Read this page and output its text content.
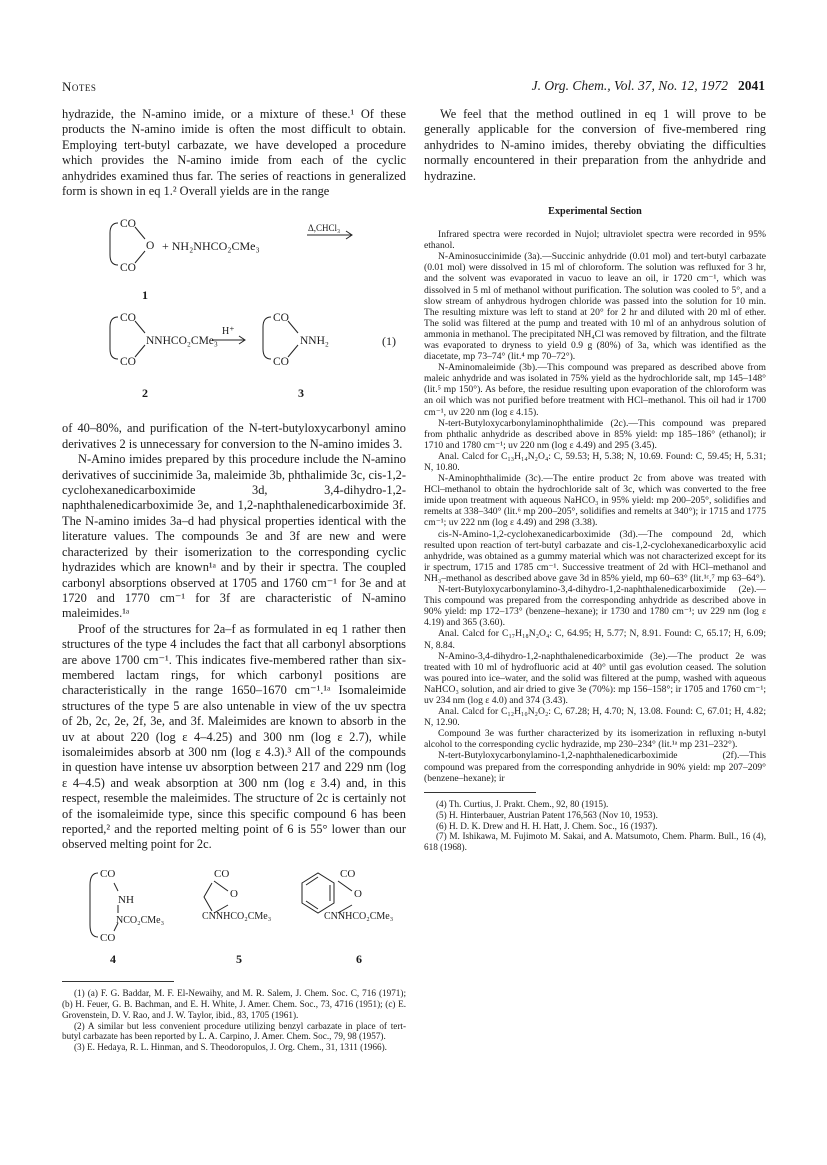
Notes	J. Org. Chem., Vol. 37, No. 12, 1972 2041

hydrazide, the N-amino imide, or a mixture of these.¹ Of these products the N-amino imide is often the most difficult to obtain. Employing tert-butyl carbazate, we have developed a procedure which provides the N-amino imide from each of the cyclic anhydrides examined thus far. The series of reactions in generalized form is shown in eq 1.² Overall yields are in the range

CO
O
CO
+ NH₂NHCO₂CMe₃
Δ,CHCl₃
1
(1)
CO
NNHCO₂CMe₃
CO
H⁺
CO
NNH₂
CO
2	3

of 40–80%, and purification of the N-tert-butyloxycarbonyl amino derivatives 2 is unnecessary for conversion to the N-amino imides 3.

N-Amino imides prepared by this procedure include the N-amino derivatives of succinimide 3a, maleimide 3b, phthalimide 3c, cis-1,2-cyclohexanedicarboximide 3d, 3,4-dihydro-1,2-naphthalenedicarboximide 3e, and 1,2-naphthalenedicarboximide 3f. The N-amino imides 3a–d had physical properties identical with the literature values. The compounds 3e and 3f are new and were characterized by their isomerization to the corresponding cyclic hydrazides which are known¹ᵃ and by their ir spectra. The coupled carbonyl absorptions observed at 1705 and 1760 cm⁻¹ for 3e and at 1720 and 1770 cm⁻¹ for 3f are characteristic of N-amino maleimides.¹ᵃ

Proof of the structures for 2a–f as formulated in eq 1 rather then structures of the type 4 includes the fact that all carbonyl absorptions are above 1700 cm⁻¹. This indicates five-membered rather than six-membered lactam rings, for which carbonyl positions are characteristically in the range 1650–1670 cm⁻¹.¹ᵃ Isomaleimide structures of the type 5 are also untenable in view of the uv spectra of 2b, 2c, 2e, 2f, 3e, and 3f. Maleimides are known to absorb in the uv at about 220 (log ε 4–4.25) and 300 nm (log ε 2.7), while isomaleimides absorb at 300 nm (log ε 4.3).³ All of the compounds in question have intense uv absorption between 217 and 229 nm (log ε 4–4.5) and weak absorption at 300 nm (log ε 3.4) and, in this respect, resemble the maleimides. The structure of 2c is certainly not of the isomaleimide type, since this specific compound 6 has been reported,² and the reported melting point of 6 is 55° lower than our observed melting point for 2c.

CO
NH
NCO₂CMe₃
CO
CO
O
CNNHCO₂CMe₃
CO
O
CNNHCO₂CMe₃
4	5	6

(1) (a) F. G. Baddar, M. F. El-Newaihy, and M. R. Salem, J. Chem. Soc. C, 716 (1971); (b) H. Feuer, G. B. Bachman, and E. H. White, J. Amer. Chem. Soc., 73, 4716 (1951); (c) E. Grovenstein, D. V. Rao, and J. W. Taylor, ibid., 83, 1705 (1961).

(2) A similar but less convenient procedure utilizing benzyl carbazate in place of tert-butyl carbazate has been reported by L. A. Carpino, J. Amer. Chem. Soc., 79, 98 (1957).

(3) E. Hedaya, R. L. Hinman, and S. Theodoropulos, J. Org. Chem., 31, 1311 (1966).

We feel that the method outlined in eq 1 will prove to be generally applicable for the conversion of five-membered ring anhydrides to N-amino imides, thereby obviating the difficulties normally encountered in their preparation from the anhydride and hydrazine.

Experimental Section

Infrared spectra were recorded in Nujol; ultraviolet spectra were recorded in 95% ethanol.

N-Aminosuccinimide (3a).—Succinic anhydride (0.01 mol) and tert-butyl carbazate (0.01 mol) were dissolved in 15 ml of chloroform. The solution was refluxed for 3 hr, and the solvent was evaporated in vacuo to leave an oil, ir 1720 cm⁻¹, which was dissolved in 5 ml of methanol without purification. The solution was cooled to 5°, and a slow stream of anhydrous hydrogen chloride was passed into the solution for 10 min. The resulting mixture was left to stand at 20° for 2 hr and diluted with 20 ml of ether. The solid was filtered at the pump and treated with 10 ml of an anhydrous solution of ammonia in methanol. The precipitated NH₄Cl was removed by filtration, and the filtrate was evaporated to dryness to yield 0.9 g (80%) of 3a, which was identified as the diacetate, mp 73–74° (lit.⁴ mp 70–72°).

N-Aminomaleimide (3b).—This compound was prepared as described above from maleic anhydride and was isolated in 75% yield as the hydrochloride salt, mp 145–148° (lit.⁵ mp 150°). As before, the residue resulting upon evaporation of the chloroform was an oil which was not purified before treatment with HCl–methanol. This oil had ir 1700 cm⁻¹, uv 220 nm (log ε 4.15).

N-tert-Butyloxycarbonylaminophthalimide (2c).—This compound was prepared from phthalic anhydride as described above in 85% yield: mp 185–186° (ethanol); ir 1710 and 1780 cm⁻¹; uv 220 nm (log ε 4.49) and 295 (3.45).

Anal. Calcd for C₁₃H₁₄N₂O₄: C, 59.53; H, 5.38; N, 10.69. Found: C, 59.45; H, 5.31; N, 10.80.

N-Aminophthalimide (3c).—The entire product 2c from above was treated with HCl–methanol to obtain the hydrochloride salt of 3c, which was converted to the free imide upon treatment with aqueous NaHCO₃ in 95% yield: mp 200–205°, solidifies and remelts at 338–340° (lit.⁶ mp 200–205°, solidifies and remelts at 340°); ir 1715 and 1775 cm⁻¹; uv 222 nm (log ε 4.49) and 298 (3.38).

cis-N-Amino-1,2-cyclohexanedicarboximide (3d).—The compound 2d, which resulted upon reaction of tert-butyl carbazate and cis-1,2-cyclohexanedicarboxylic acid anhydride, was obtained as a gummy material which was not characterized except for its ir spectrum, 1715 and 1785 cm⁻¹. Successive treatment of 2d with HCl–methanol and NH₃–methanol as described above gave 3d in 85% yield, mp 60–63° (lit.¹ᶜ,⁷ mp 63–64°).

N-tert-Butyloxycarbonylamino-3,4-dihydro-1,2-naphthalenedicarboximide (2e).—This compound was prepared from the corresponding anhydride as described above in 90% yield: mp 172–173° (benzene–hexane); ir 1730 and 1780 cm⁻¹; uv 229 nm (log ε 4.19) and 365 (3.60).

Anal. Calcd for C₁₇H₁₈N₂O₄: C, 64.95; H, 5.77; N, 8.91. Found: C, 65.17; H, 6.09; N, 8.84.

N-Amino-3,4-dihydro-1,2-naphthalenedicarboximide (3e).—The product 2e was treated with 10 ml of hydrofluoric acid at 40° until gas evolution ceased. The solution was poured into ice–water, and the solid was filtered at the pump, washed with aqueous NaHCO₃ solution, and air dried to give 3e (70%): mp 156–158°; ir 1705 and 1760 cm⁻¹; uv 234 nm (log ε 4.0) and 374 (3.43).

Anal. Calcd for C₁₂H₁₀N₂O₂: C, 67.28; H, 4.70; N, 13.08. Found: C, 67.01; H, 4.82; N, 12.90.

Compound 3e was further characterized by its isomerization in refluxing n-butyl alcohol to the corresponding cyclic hydrazide, mp 230–234° (lit.¹ᵃ mp 231–232°).

N-tert-Butyloxycarbonylamino-1,2-naphthalenedicarboximide (2f).—This compound was prepared from the corresponding anhydride in 90% yield: mp 207–209° (benzene–hexane); ir

(4) Th. Curtius, J. Prakt. Chem., 92, 80 (1915).

(5) H. Hinterbauer, Austrian Patent 176,563 (Nov 10, 1953).

(6) H. D. K. Drew and H. H. Hatt, J. Chem. Soc., 16 (1937).

(7) M. Ishikawa, M. Fujimoto M. Sakai, and A. Matsumoto, Chem. Pharm. Bull., 16 (4), 618 (1968).
